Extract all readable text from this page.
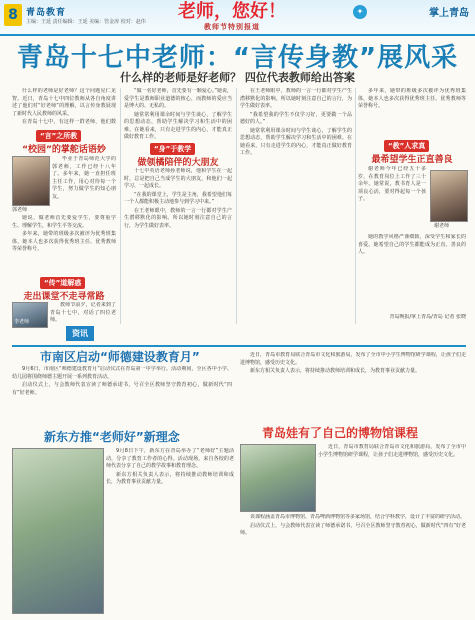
8 青岛教育
主编：王延 责任编辑：王延 美编：管金涛 校对：赵伟	老师，您好！
教师节特别报道
✦	掌上青岛
青岛十七中老师：“言传身教”展风采
什么样的老师是好老师？ 四位代表教师给出答案

什么样的老师是好老师？这个问题见仁见智。近日，青岛十七中四位教师从各自角度讲述了他们对“好老师”的理解，以言传身教展现了新时代人民教师的风采。

在青岛十七中，有这样一群老师，他们数

“言”之所教
“校园”的掌舵话语妙
郭老师

毕业于青岛师范大学的郭老师，工作已经十八年了。多年来，她一直担任班主任工作，用心对待每一个学生，努力做学生的知心朋友。

她说，做老师首先要爱学生，要尊重学生、理解学生，和学生平等交流。

多年来，她带的班级多次被评为优秀班集体，她本人也多次获得优秀班主任、优秀教师等荣誉称号。

“传”道解惑
走出课堂不走寻常路
李老师

教师节前夕，记者来到了青岛十七中，对话了四位老师。

“做一名好老师，首先要有一颗爱心。”她说，爱学生是教师职业道德的核心，而教师的爱应当是博大的、无私的。

她常常利用课余时间与学生谈心，了解学生的思想动态，帮助学生解决学习和生活中的困难。在她看来，只有走进学生的内心，才能真正做好教育工作。

“身”于教学
做领橘陪伴的大朋友

十七中英语老师孙老师说，他和学生在一起时，总是把自己当成学生的大朋友，和他们一起学习、一起成长。

“在我的课堂上，学生是主角，我希望他们每一个人都能积极主动地参与到学习中来。”

在王老师眼中，教师的一言一行都对学生产生潜移默化的影响。所以她时刻注意自己的言行，为学生做好表率。

在王老师眼中，教师的一言一行都对学生产生潜移默化的影响。所以她时刻注意自己的言行，为学生做好表率。

“我希望我的学生不仅学习好，更要做一个品德好的人。”

她常常利用课余时间与学生谈心，了解学生的思想动态，帮助学生解决学习和生活中的困难。在她看来，只有走进学生的内心，才能真正做好教育工作。

多年来，她带的班级多次被评为优秀班集体，她本人也多次获得优秀班主任、优秀教师等荣誉称号。

“教”人求真
最希望学生正直善良

谢老师今年已经五十多岁，在教育岗位上工作了三十余年。她常说，教书育人是一项良心活，要对得起每一个孩子。

谢老师

她的教学风格严谨细致，深受学生和家长的喜爱。她希望自己的学生都能成为正直、善良的人。

青岛晚报/掌上青岛/青岛 记者 张晓
资讯
市南区启动“师德建设教育月”

9月6日，市南区“师德建设教育月”启动仪式在青岛第一中学举行。活动期间，全区各中小学、幼儿园将围绕师德主题开展一系列教育活动。

启动仪式上，与会教师代表宣读了师德承诺书，号召全区教师坚守教育初心，做新时代“四有”好老师。

近日，青岛市教育局联合青岛市文化和旅游局，发布了全市中小学生博物馆研学课程，让孩子们走进博物馆，感受历史文化。

新东方相关负责人表示，将持续推动教师培训和成长，为教育事业贡献力量。

新东方推“老师好”新理念

9月8日下午，新东方在青岛举办了“老师好”主题活动，分享了教育工作者的心得。活动现场，来自各校的老师代表分享了自己的教学故事和教育理念。

新东方相关负责人表示，将持续推动教师培训和成长，为教育事业贡献力量。

青岛娃有了自己的博物馆课程

近日，青岛市教育局联合青岛市文化和旅游局，发布了全市中小学生博物馆研学课程，让孩子们走进博物馆，感受历史文化。

该课程涵盖青岛市博物馆、青岛啤酒博物馆等多家场馆，结合学科教学，设计了丰富的研学活动。

启动仪式上，与会教师代表宣读了师德承诺书，号召全区教师坚守教育初心，做新时代“四有”好老师。
